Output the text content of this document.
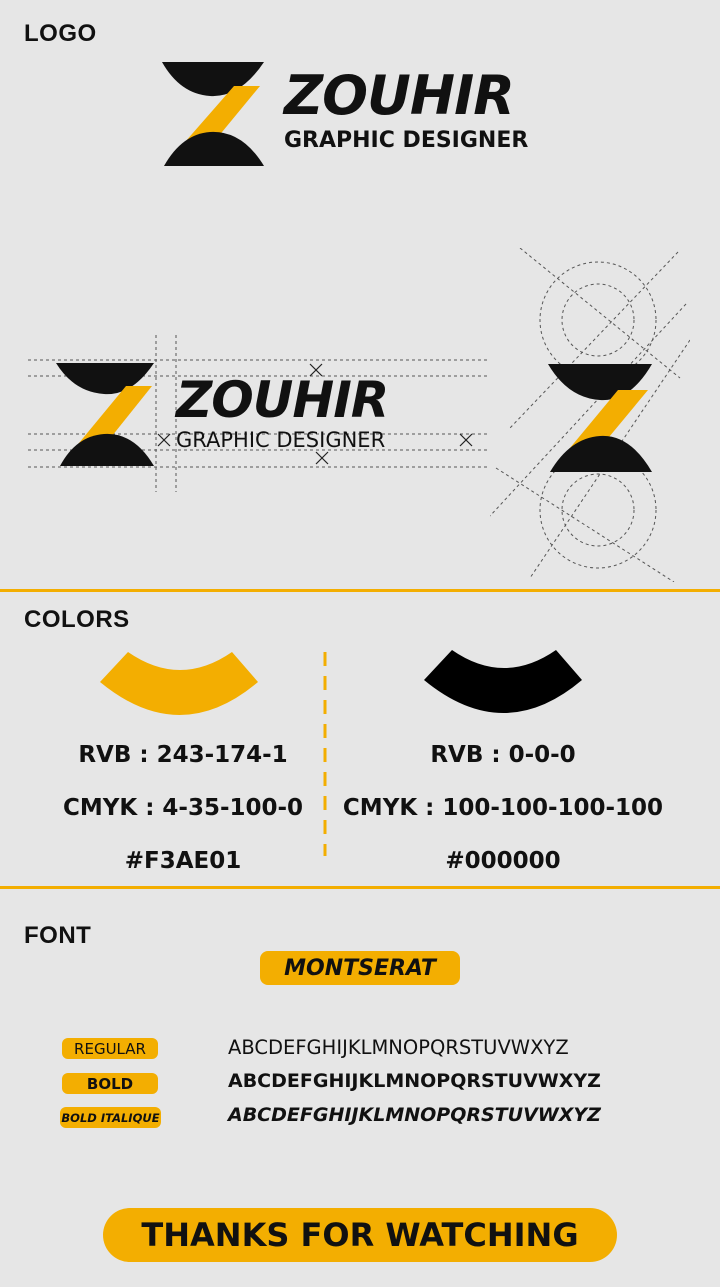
LOGO
ZOUHIR
GRAPHIC DESIGNER
ZOUHIR
GRAPHIC DESIGNER
COLORS
RVB : 243-174-1
CMYK : 4-35-100-0
#F3AE01
RVB : 0-0-0
CMYK : 100-100-100-100
#000000
FONT
MONTSERAT
REGULAR
BOLD
BOLD ITALIQUE
ABCDEFGHIJKLMNOPQRSTUVWXYZ
ABCDEFGHIJKLMNOPQRSTUVWXYZ
ABCDEFGHIJKLMNOPQRSTUVWXYZ
THANKS FOR WATCHING
